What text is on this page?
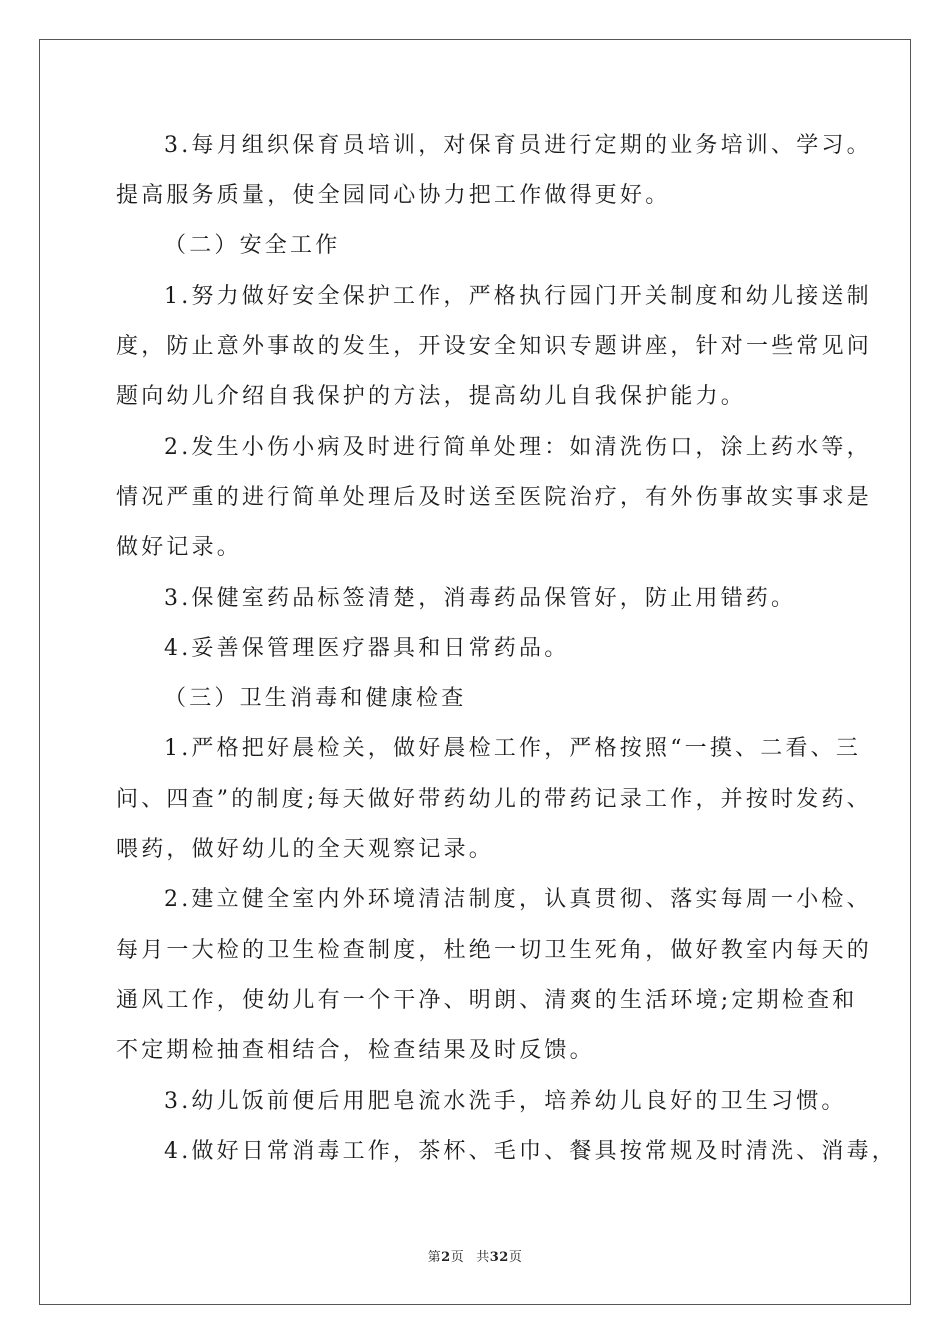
3.每月组织保育员培训，对保育员进行定期的业务培训、学习。
提高服务质量，使全园同心协力把工作做得更好。
（二）安全工作
1.努力做好安全保护工作，严格执行园门开关制度和幼儿接送制
度，防止意外事故的发生，开设安全知识专题讲座，针对一些常见问
题向幼儿介绍自我保护的方法，提高幼儿自我保护能力。
2.发生小伤小病及时进行简单处理：如清洗伤口，涂上药水等，
情况严重的进行简单处理后及时送至医院治疗，有外伤事故实事求是
做好记录。
3.保健室药品标签清楚，消毒药品保管好，防止用错药。
4.妥善保管理医疗器具和日常药品。
（三）卫生消毒和健康检查
1.严格把好晨检关，做好晨检工作，严格按照“一摸、二看、三
问、四查”的制度;每天做好带药幼儿的带药记录工作，并按时发药、
喂药，做好幼儿的全天观察记录。
2.建立健全室内外环境清洁制度，认真贯彻、落实每周一小检、
每月一大检的卫生检查制度，杜绝一切卫生死角，做好教室内每天的
通风工作，使幼儿有一个干净、明朗、清爽的生活环境;定期检查和
不定期检抽查相结合，检查结果及时反馈。
3.幼儿饭前便后用肥皂流水洗手，培养幼儿良好的卫生习惯。
4.做好日常消毒工作，茶杯、毛巾、餐具按常规及时清洗、消毒，
第2页 共32页
